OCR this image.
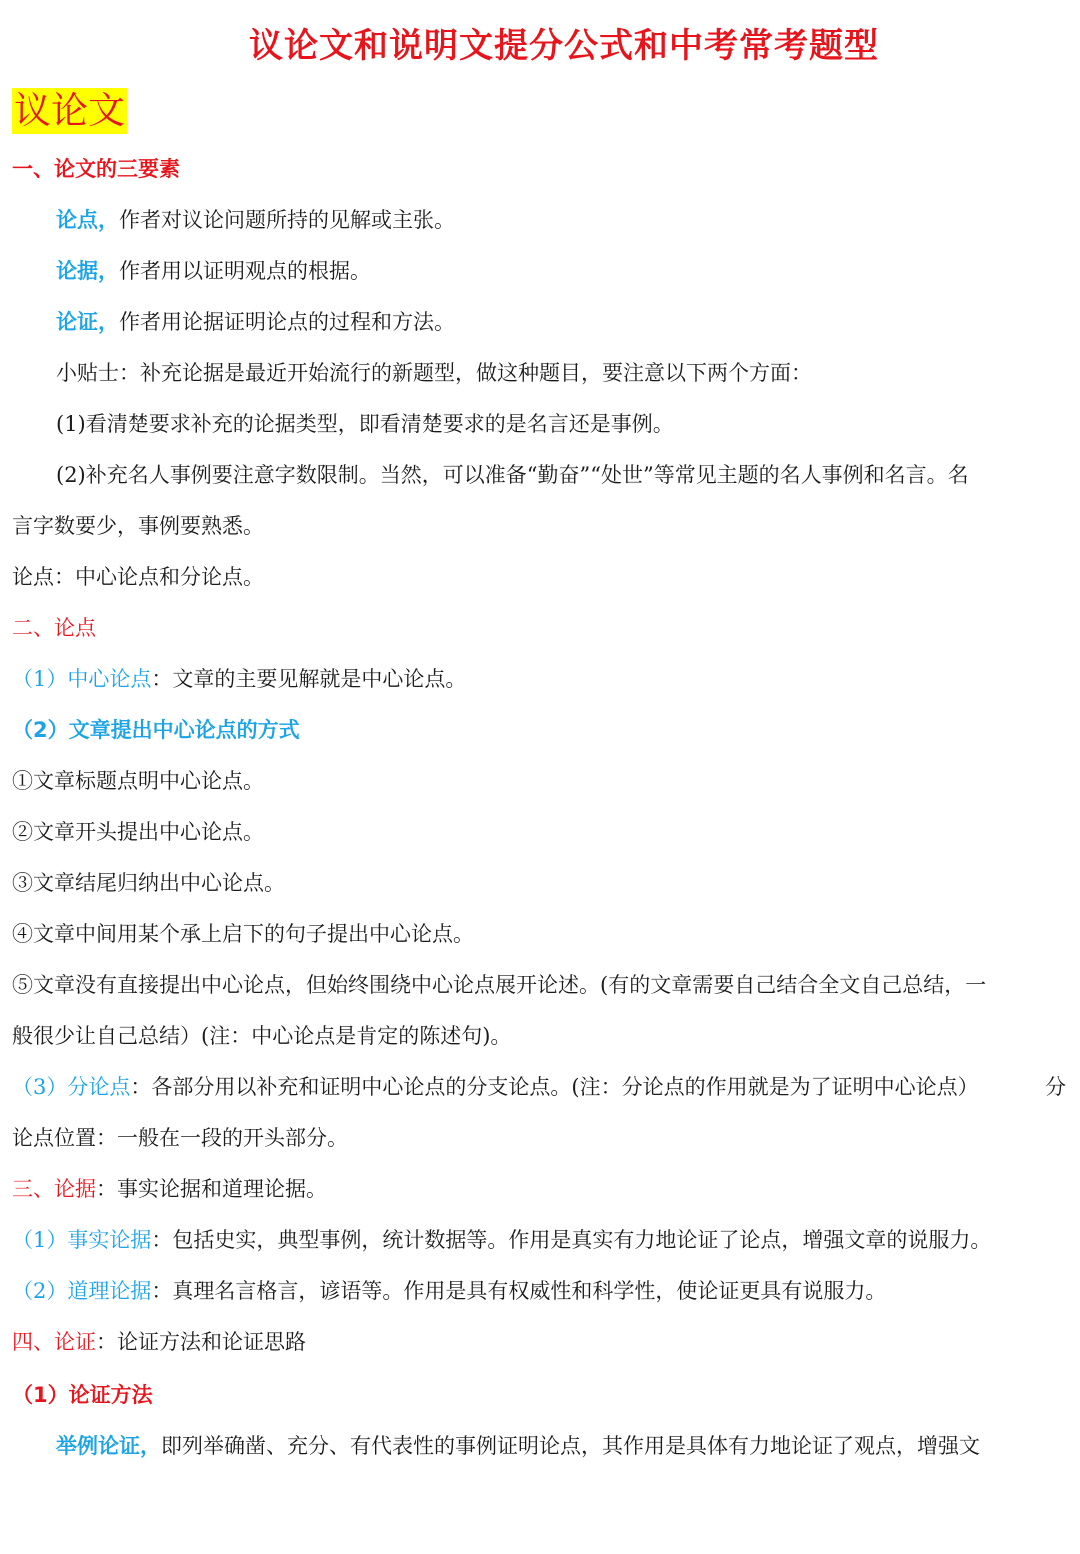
议论文和说明文提分公式和中考常考题型
议论文
一、论文的三要素
论点，作者对议论问题所持的见解或主张。
论据，作者用以证明观点的根据。
论证，作者用论据证明论点的过程和方法。
小贴士：补充论据是最近开始流行的新题型，做这种题目，要注意以下两个方面：
(1)看清楚要求补充的论据类型，即看清楚要求的是名言还是事例。
(2)补充名人事例要注意字数限制。当然，可以准备“勤奋”“处世”等常见主题的名人事例和名言。名
言字数要少，事例要熟悉。
论点：中心论点和分论点。
二、论点
（1）中心论点：文章的主要见解就是中心论点。
（2）文章提出中心论点的方式
①文章标题点明中心论点。
②文章开头提出中心论点。
③文章结尾归纳出中心论点。
④文章中间用某个承上启下的句子提出中心论点。
⑤文章没有直接提出中心论点，但始终围绕中心论点展开论述。(有的文章需要自己结合全文自己总结，一
般很少让自己总结）(注：中心论点是肯定的陈述句)。
（3）分论点：各部分用以补充和证明中心论点的分支论点。(注：分论点的作用就是为了证明中心论点）	分
论点位置：一般在一段的开头部分。
三、论据：事实论据和道理论据。
（1）事实论据：包括史实，典型事例，统计数据等。作用是真实有力地论证了论点，增强文章的说服力。
（2）道理论据：真理名言格言，谚语等。作用是具有权威性和科学性，使论证更具有说服力。
四、论证：论证方法和论证思路
（1）论证方法
举例论证，即列举确凿、充分、有代表性的事例证明论点，其作用是具体有力地论证了观点，增强文
